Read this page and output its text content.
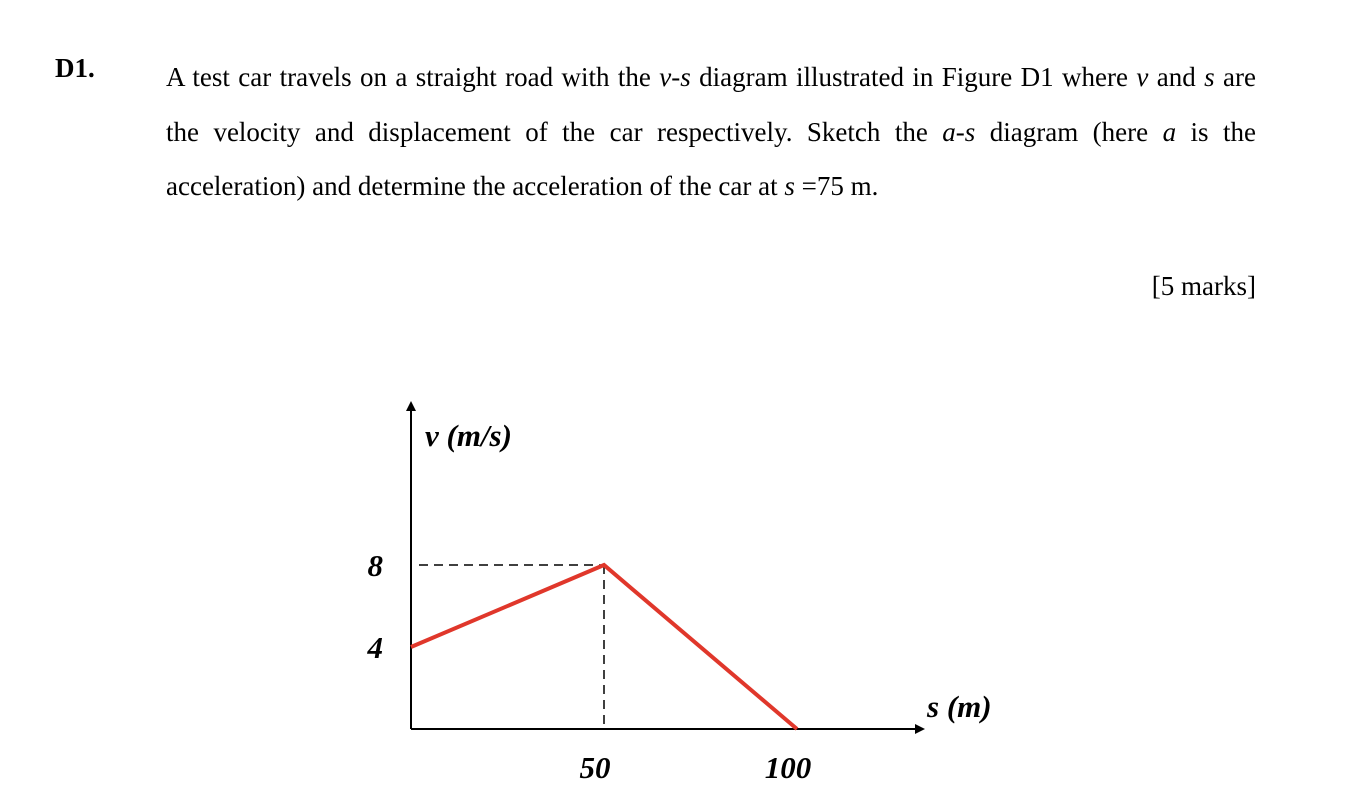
D1.	A test car travels on a straight road with the v-s diagram illustrated in Figure D1 where v and s are the velocity and displacement of the car respectively. Sketch the a-s diagram (here a is the acceleration) and determine the acceleration of the car at s =75 m.
[5 marks]
v (m/s)
s (m)
4
8
50	100
